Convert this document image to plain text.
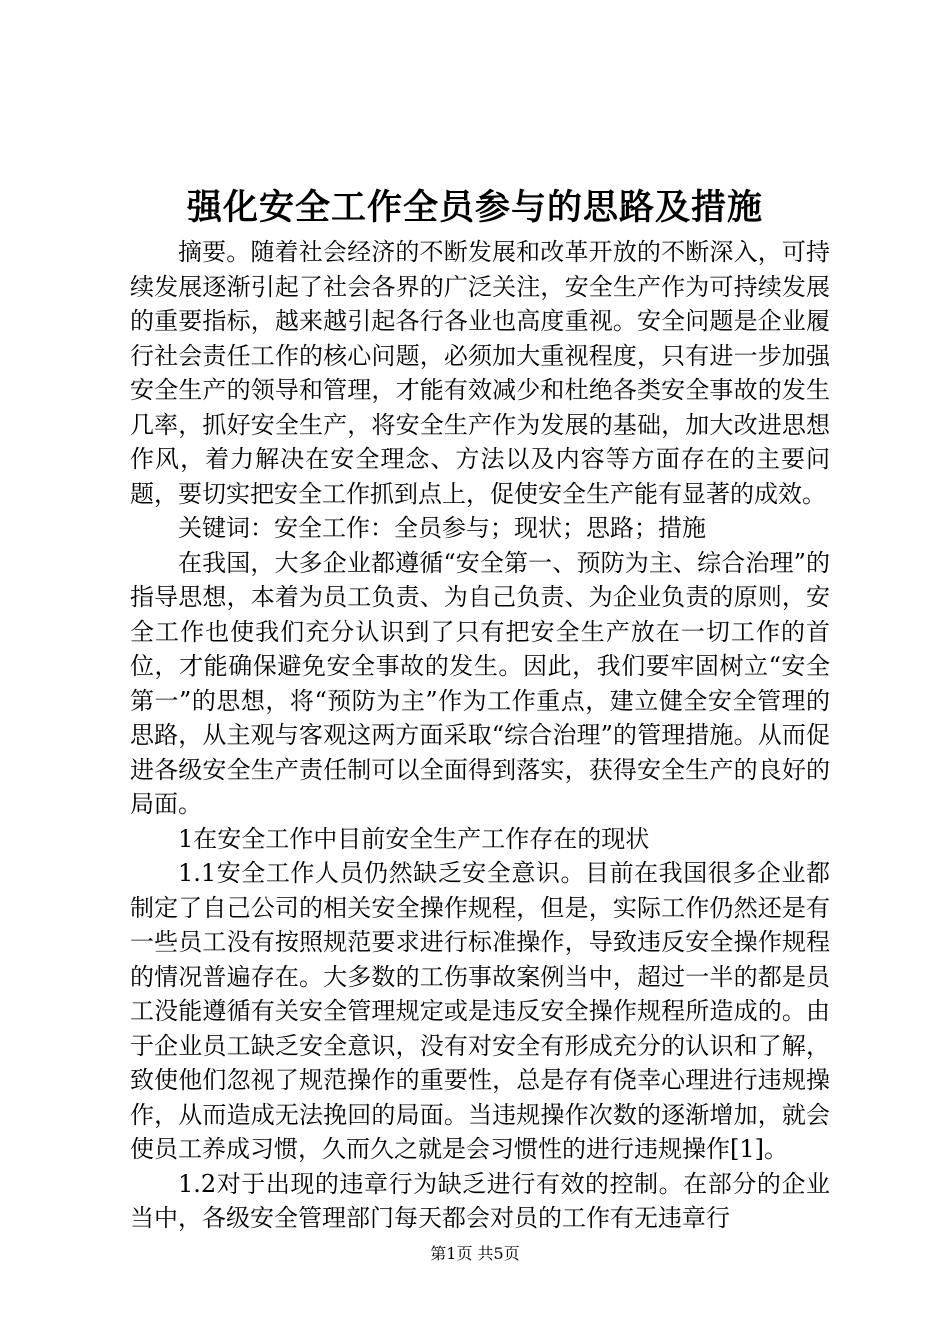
强化安全工作全员参与的思路及措施

摘要。随着社会经济的不断发展和改革开放的不断深入，可持续发展逐渐引起了社会各界的广泛关注，安全生产作为可持续发展的重要指标，越来越引起各行各业也高度重视。安全问题是企业履行社会责任工作的核心问题，必须加大重视程度，只有进一步加强安全生产的领导和管理，才能有效减少和杜绝各类安全事故的发生几率，抓好安全生产，将安全生产作为发展的基础，加大改进思想作风，着力解决在安全理念、方法以及内容等方面存在的主要问题，要切实把安全工作抓到点上，促使安全生产能有显著的成效。

关键词：安全工作：全员参与；现状；思路；措施

在我国，大多企业都遵循“安全第一、预防为主、综合治理”的指导思想，本着为员工负责、为自己负责、为企业负责的原则，安全工作也使我们充分认识到了只有把安全生产放在一切工作的首位，才能确保避免安全事故的发生。因此，我们要牢固树立“安全第一”的思想，将“预防为主”作为工作重点，建立健全安全管理的思路，从主观与客观这两方面采取“综合治理”的管理措施。从而促进各级安全生产责任制可以全面得到落实，获得安全生产的良好的局面。

1在安全工作中目前安全生产工作存在的现状

1.1安全工作人员仍然缺乏安全意识。目前在我国很多企业都制定了自己公司的相关安全操作规程，但是，实际工作仍然还是有一些员工没有按照规范要求进行标准操作，导致违反安全操作规程的情况普遍存在。大多数的工伤事故案例当中，超过一半的都是员工没能遵循有关安全管理规定或是违反安全操作规程所造成的。由于企业员工缺乏安全意识，没有对安全有形成充分的认识和了解，致使他们忽视了规范操作的重要性，总是存有侥幸心理进行违规操作，从而造成无法挽回的局面。当违规操作次数的逐渐增加，就会使员工养成习惯，久而久之就是会习惯性的进行违规操作[1]。

1.2对于出现的违章行为缺乏进行有效的控制。在部分的企业当中，各级安全管理部门每天都会对员的工作有无违章行

第1页 共5页
